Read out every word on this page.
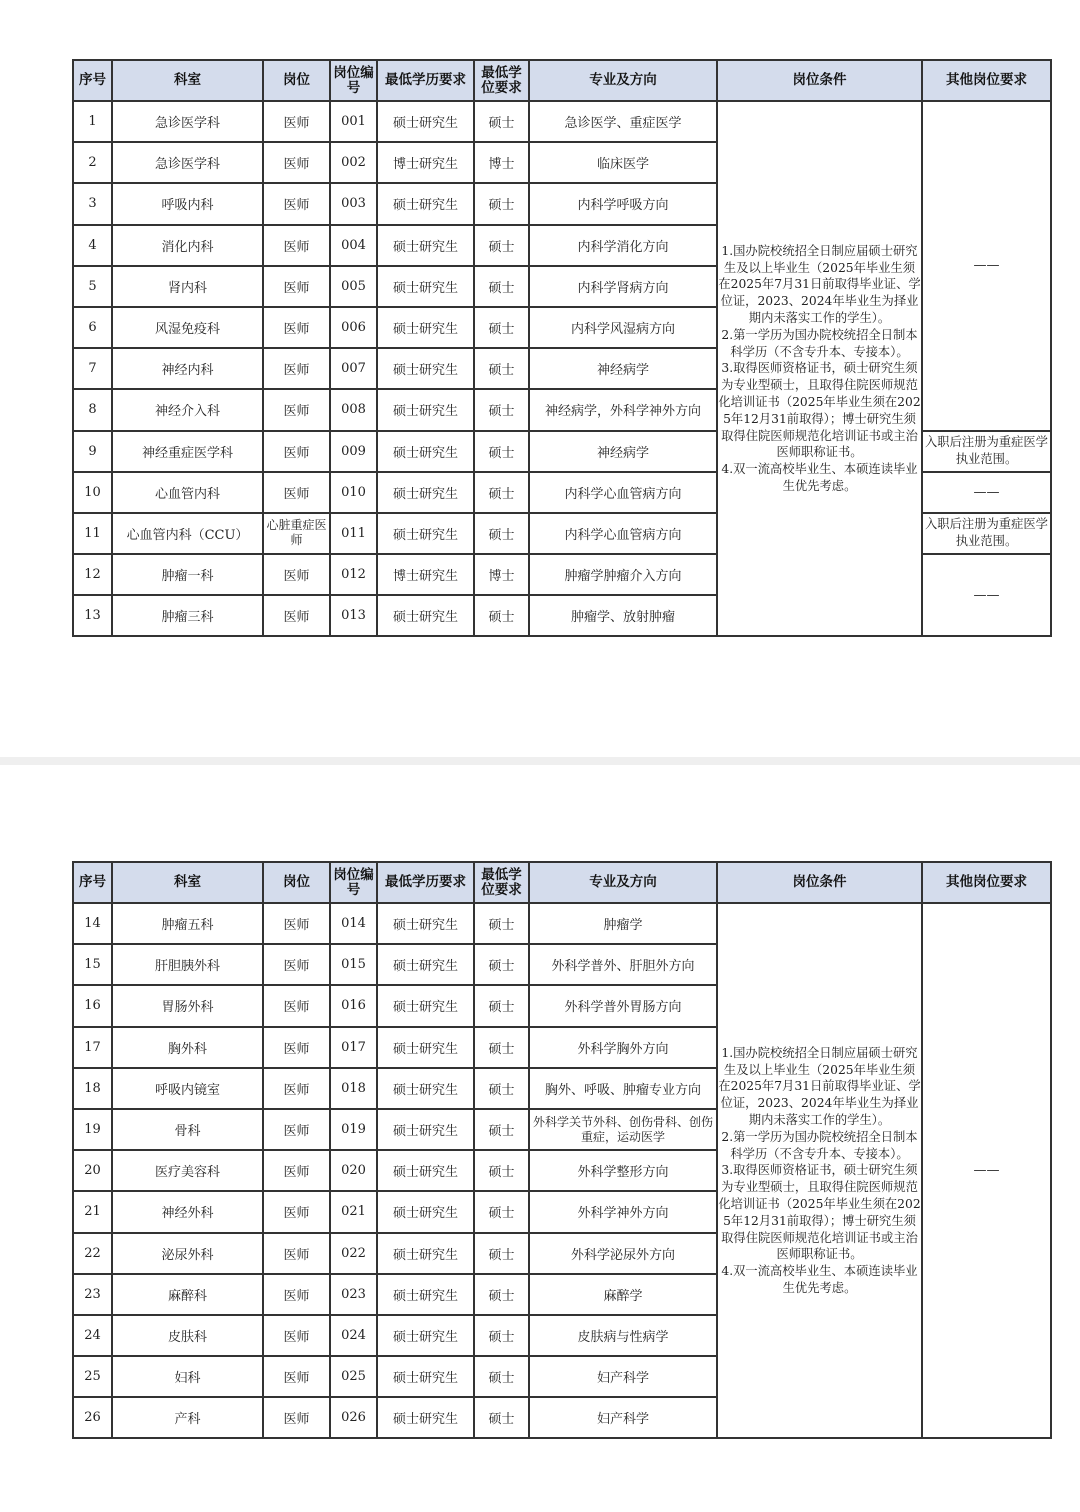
序号	科室	岗位	岗位编号	最低学历要求	最低学位要求	专业及方向	岗位条件	其他岗位要求
1	急诊医学科	医师	001	硕士研究生	硕士	急诊医学、重症医学	1.国办院校统招全日制应届硕士研究生及以上毕业生（2025年毕业生须在2025年7月31日前取得毕业证、学位证，2023、2024年毕业生为择业期内未落实工作的学生）。
2.第一学历为国办院校统招全日制本科学历（不含专升本、专接本）。
3.取得医师资格证书，硕士研究生须为专业型硕士，且取得住院医师规范化培训证书（2025年毕业生须在2025年12月31前取得）；博士研究生须取得住院医师规范化培训证书或主治医师职称证书。
4.双一流高校毕业生、本硕连读毕业生优先考虑。	——
2	急诊医学科	医师	002	博士研究生	博士	临床医学		
3	呼吸内科	医师	003	硕士研究生	硕士	内科学呼吸方向		
4	消化内科	医师	004	硕士研究生	硕士	内科学消化方向		
5	肾内科	医师	005	硕士研究生	硕士	内科学肾病方向		
6	风湿免疫科	医师	006	硕士研究生	硕士	内科学风湿病方向		
7	神经内科	医师	007	硕士研究生	硕士	神经病学		
8	神经介入科	医师	008	硕士研究生	硕士	神经病学，外科学神外方向		
9	神经重症医学科	医师	009	硕士研究生	硕士	神经病学		入职后注册为重症医学执业范围。
10	心血管内科	医师	010	硕士研究生	硕士	内科学心血管病方向		——
11	心血管内科（CCU）	心脏重症医师	011	硕士研究生	硕士	内科学心血管病方向		入职后注册为重症医学执业范围。
12	肿瘤一科	医师	012	博士研究生	博士	肿瘤学肿瘤介入方向		——
13	肿瘤三科	医师	013	硕士研究生	硕士	肿瘤学、放射肿瘤		
序号	科室	岗位	岗位编号	最低学历要求	最低学位要求	专业及方向	岗位条件	其他岗位要求
14	肿瘤五科	医师	014	硕士研究生	硕士	肿瘤学	1.国办院校统招全日制应届硕士研究生及以上毕业生（2025年毕业生须在2025年7月31日前取得毕业证、学位证，2023、2024年毕业生为择业期内未落实工作的学生）。
2.第一学历为国办院校统招全日制本科学历（不含专升本、专接本）。
3.取得医师资格证书，硕士研究生须为专业型硕士，且取得住院医师规范化培训证书（2025年毕业生须在2025年12月31前取得）；博士研究生须取得住院医师规范化培训证书或主治医师职称证书。
4.双一流高校毕业生、本硕连读毕业生优先考虑。	——
15	肝胆胰外科	医师	015	硕士研究生	硕士	外科学普外、肝胆外方向		
16	胃肠外科	医师	016	硕士研究生	硕士	外科学普外胃肠方向		
17	胸外科	医师	017	硕士研究生	硕士	外科学胸外方向		
18	呼吸内镜室	医师	018	硕士研究生	硕士	胸外、呼吸、肿瘤专业方向		
19	骨科	医师	019	硕士研究生	硕士	外科学关节外科、创伤骨科、创伤重症，运动医学		
20	医疗美容科	医师	020	硕士研究生	硕士	外科学整形方向		
21	神经外科	医师	021	硕士研究生	硕士	外科学神外方向		
22	泌尿外科	医师	022	硕士研究生	硕士	外科学泌尿外方向		
23	麻醉科	医师	023	硕士研究生	硕士	麻醉学		
24	皮肤科	医师	024	硕士研究生	硕士	皮肤病与性病学		
25	妇科	医师	025	硕士研究生	硕士	妇产科学		
26	产科	医师	026	硕士研究生	硕士	妇产科学		
